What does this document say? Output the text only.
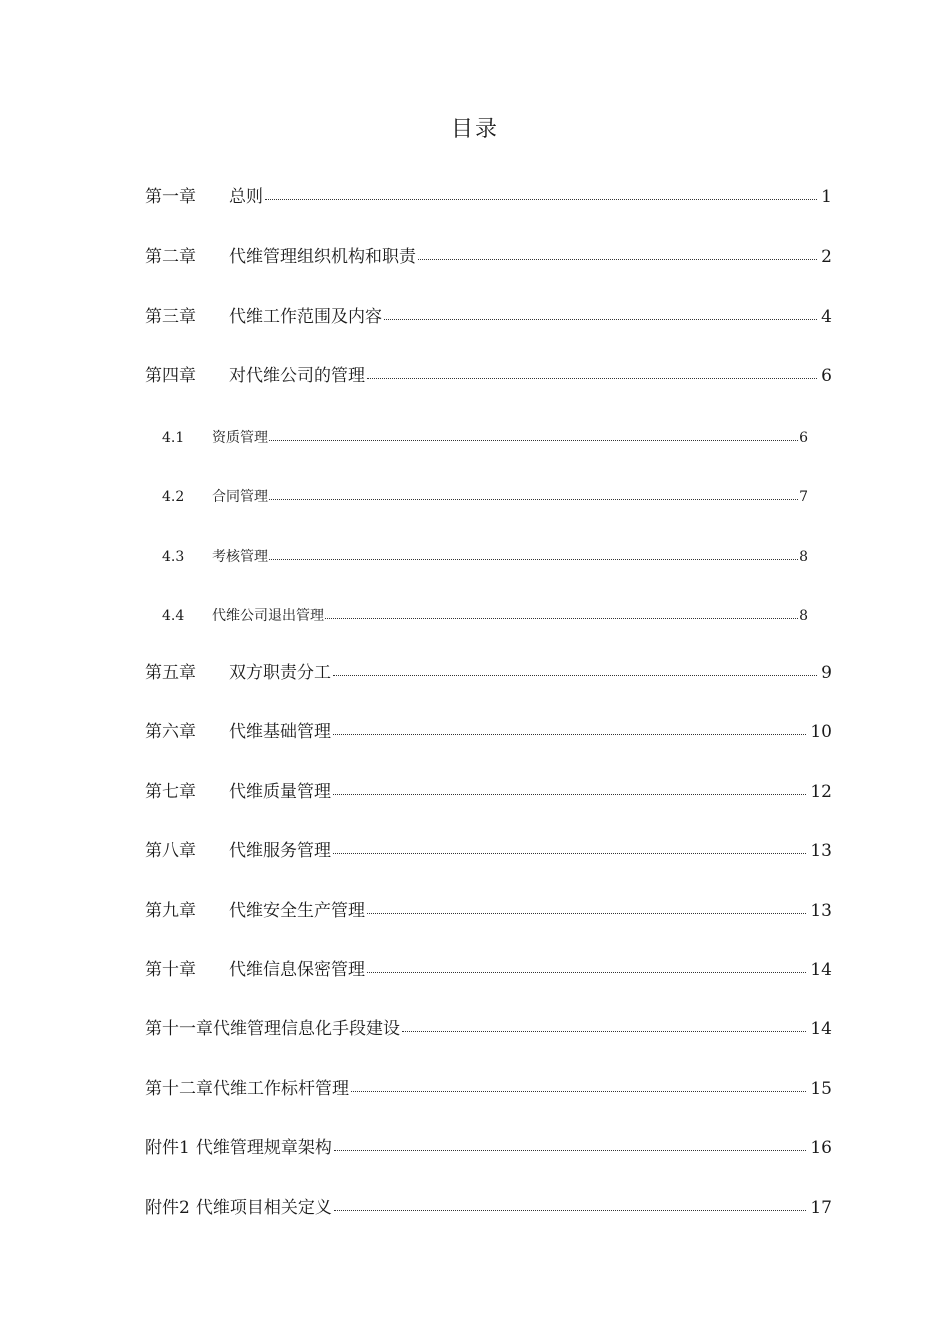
目录
第一章	总则	1
第二章	代维管理组织机构和职责	2
第三章	代维工作范围及内容	4
第四章	对代维公司的管理	6
4.1	资质管理	6
4.2	合同管理	7
4.3	考核管理	8
4.4	代维公司退出管理	8
第五章	双方职责分工	9
第六章	代维基础管理	10
第七章	代维质量管理	12
第八章	代维服务管理	13
第九章	代维安全生产管理	13
第十章	代维信息保密管理	14
第十一章 代维管理信息化手段建设	14
第十二章 代维工作标杆管理	15
附件1 代维管理规章架构	16
附件2 代维项目相关定义	17
